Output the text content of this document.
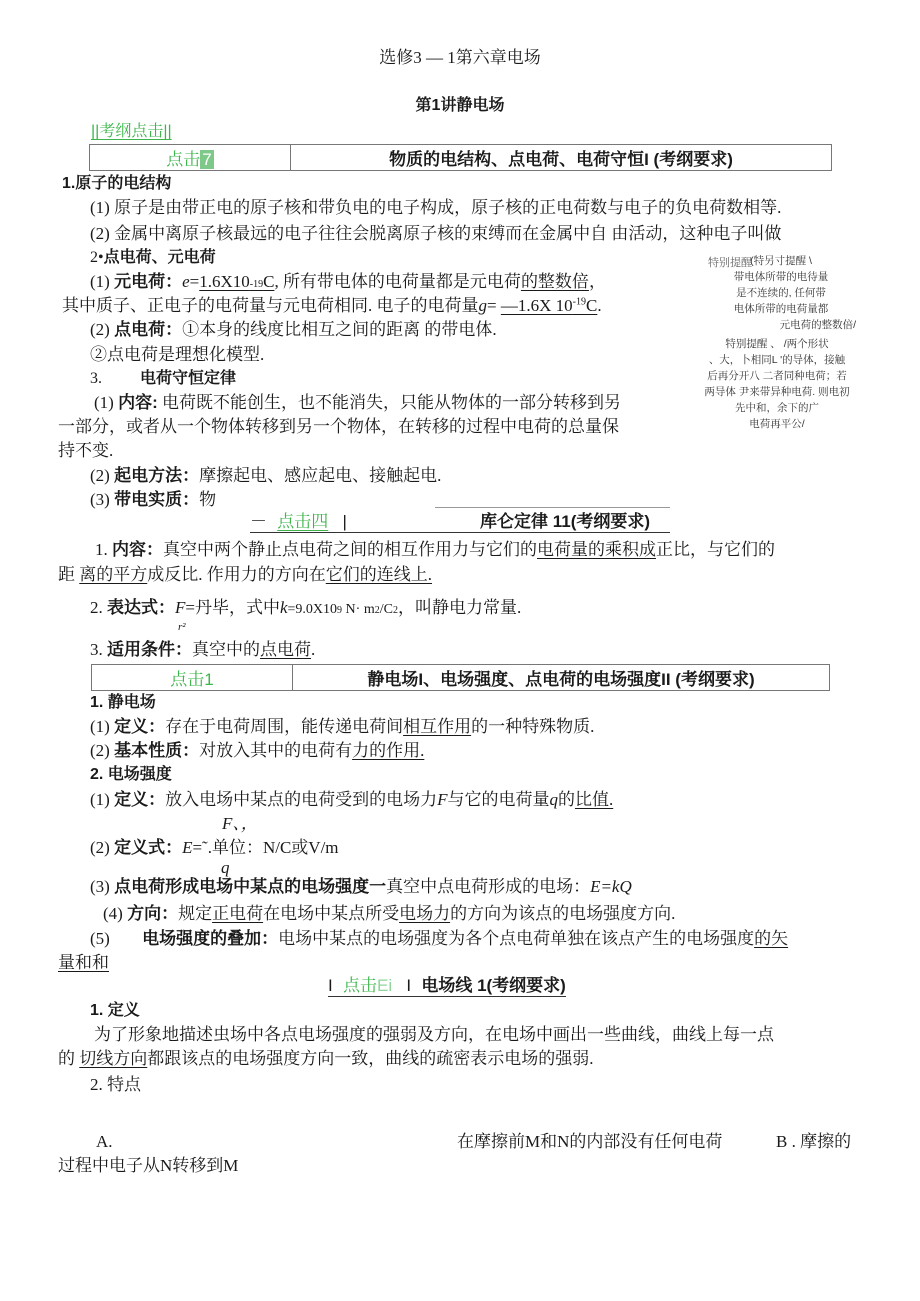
选修3 — 1第六章电场
第1讲静电场
||考纲点击||
点击 7	物质的电结构、点电荷、电荷守恒I (考纲要求)
1.原子的电结构
(1) 原子是由带正电的原子核和带负电的电子构成，原子核的正电荷数与电子的负电荷数相等.
(2) 金属中离原子核最远的电子往往会脱离原子核的束缚而在金属中自 由活动，这种电子叫做
2•点电荷、元电荷
(1) 元电荷：e=1.6X10-19C, 所有带电体的电荷量都是元电荷的整数倍，
其中质子、正电子的电荷量与元电荷相同. 电子的电荷量g= —1.6X $10^{-19}C$.
(2) 点电荷：①本身的线度比相互之间的距离 的带电体.
②点电荷是理想化模型.
3. 电荷守恒定律
(1) 内容: 电荷既不能创生，也不能消失，只能从物体的一部分转移到另
一部分，或者从一个物体转移到另一个物体，在转移的过程中电荷的总量保
持不变.
(2) 起电方法：摩擦起电、感应起电、接触起电.
(3) 带电实质：物
特别提醒
(特另寸提醒 \
带电体所带的电待量
是不连续的, 任何带
电体所带的电荷量都
元电荷的整数倍/
特别提醒 、 /两个形状
、大，卜相同L '的导体，接触
后再分开八 二者同种电荷；若
两导体 尹来带异种电荷. 则电初
先中和，余下的广
电荷再平公/
－ 点击四 |	库仑定律 11(考纲要求)
1. 内容：真空中两个静止点电荷之间的相互作用力与它们的电荷量的乘积成正比，与它们的
距 离的平方成反比. 作用力的方向在它们的连线上.
2. 表达式：F=丹毕，式中k=9.0X109 N· m2/C2，叫静电力常量.
r²
3. 适用条件：真空中的点电荷.
点击1	静电场I、电场强度、点电荷的电场强度II (考纲要求)
1. 静电场
(1) 定义：存在于电荷周围，能传递电荷间相互作用的一种特殊物质.
(2) 基本性质：对放入其中的电荷有力的作用.
2. 电场强度
(1) 定义：放入电场中某点的电荷受到的电场力F与它的电荷量q的比值.
F、，
(2) 定义式：E=˜.单位：N/C或V/m
q
(3) 点电荷形成电场中某点的电场强度一真空中点电荷形成的电场：E=kQ
(4) 方向：规定正电荷在电场中某点所受电场力的方向为该点的电场强度方向.
(5) 电场强度的叠加：电场中某点的电场强度为各个点电荷单独在该点产生的电场强度的矢
量和和
I 点击Ei I 电场线 1(考纲要求)
1. 定义
为了形象地描述虫场中各点电场强度的强弱及方向，在电场中画出一些曲线，曲线上每一点
的 切线方向都跟该点的电场强度方向一致，曲线的疏密表示电场的强弱.
2. 特点
A.	在摩擦前M和N的内部没有任何电荷	B . 摩擦的
过程中电子从N转移到M
